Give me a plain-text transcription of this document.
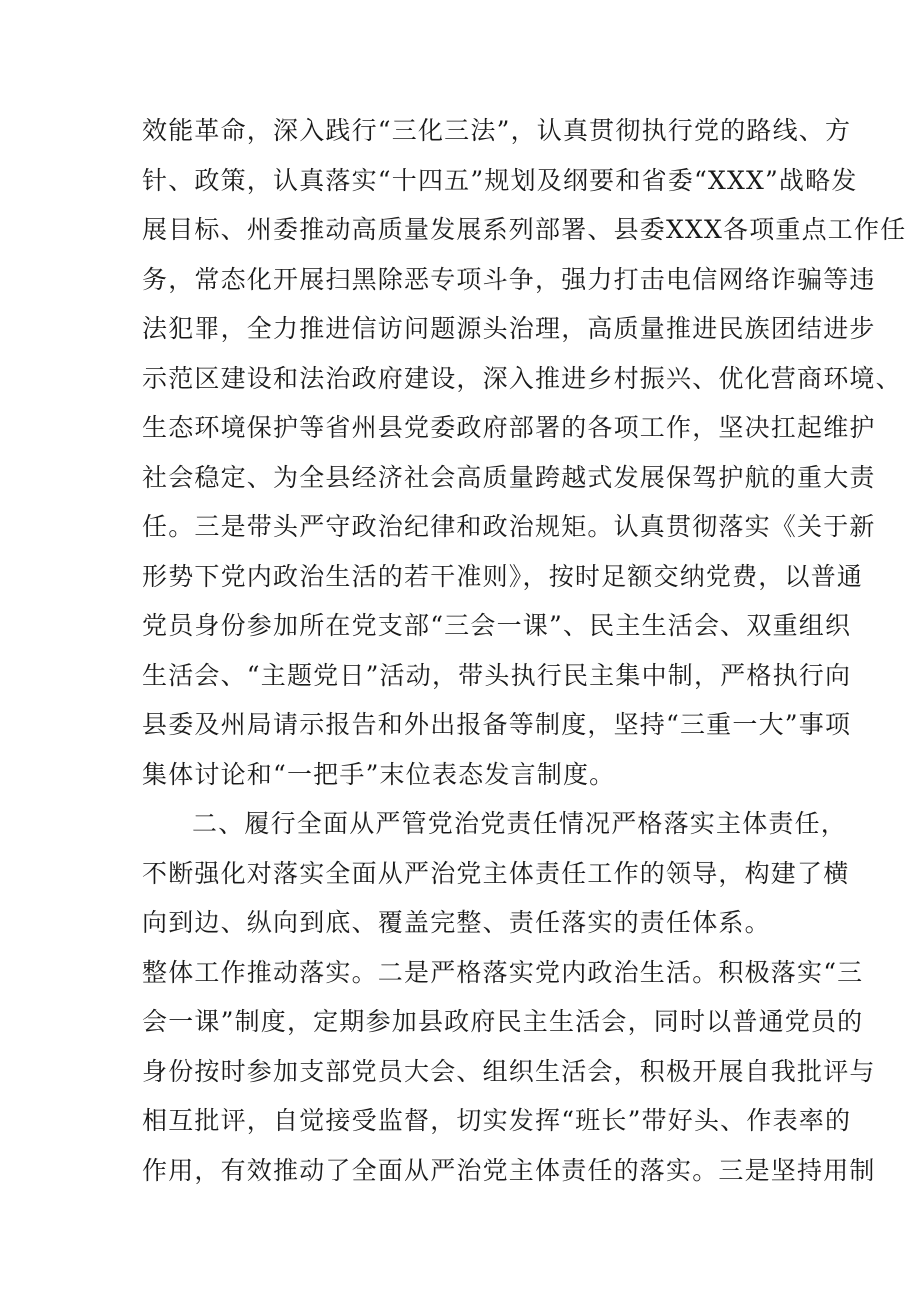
效能革命，深入践行“三化三法”，认真贯彻执行党的路线、方
针、政策，认真落实“十四五”规划及纲要和省委“XXX”战略发
展目标、州委推动高质量发展系列部署、县委XXX各项重点工作任
务，常态化开展扫黑除恶专项斗争，强力打击电信网络诈骗等违
法犯罪，全力推进信访问题源头治理，高质量推进民族团结进步
示范区建设和法治政府建设，深入推进乡村振兴、优化营商环境、
生态环境保护等省州县党委政府部署的各项工作，坚决扛起维护
社会稳定、为全县经济社会高质量跨越式发展保驾护航的重大责
任。三是带头严守政治纪律和政治规矩。认真贯彻落实《关于新
形势下党内政治生活的若干准则》，按时足额交纳党费，以普通
党员身份参加所在党支部“三会一课”、民主生活会、双重组织
生活会、“主题党日”活动，带头执行民主集中制，严格执行向
县委及州局请示报告和外出报备等制度，坚持“三重一大”事项
集体讨论和“一把手”末位表态发言制度。
二、履行全面从严管党治党责任情况严格落实主体责任，
不断强化对落实全面从严治党主体责任工作的领导，构建了横
向到边、纵向到底、覆盖完整、责任落实的责任体系。
整体工作推动落实。二是严格落实党内政治生活。积极落实“三
会一课”制度，定期参加县政府民主生活会，同时以普通党员的
身份按时参加支部党员大会、组织生活会，积极开展自我批评与
相互批评，自觉接受监督，切实发挥“班长”带好头、作表率的
作用，有效推动了全面从严治党主体责任的落实。三是坚持用制
